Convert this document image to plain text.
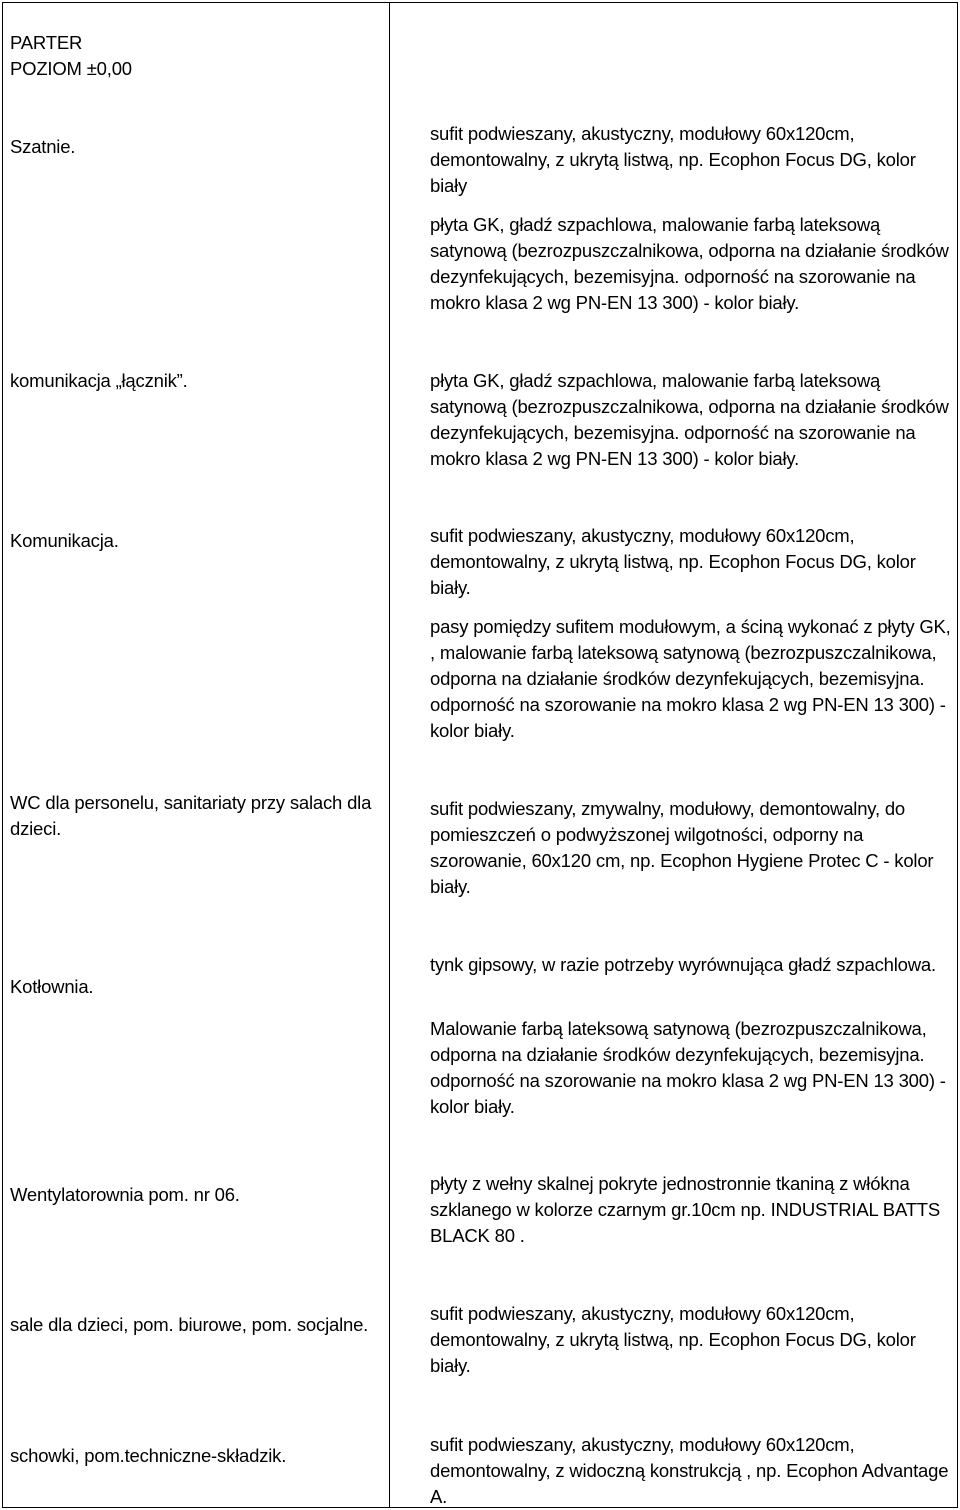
PARTER

POZIOM ±0,00

Szatnie.

sufit podwieszany, akustyczny, modułowy 60x120cm, demontowalny, z ukrytą listwą, np. Ecophon Focus DG, kolor biały

płyta GK, gładź szpachlowa, malowanie farbą lateksową satynową (bezrozpuszczalnikowa, odporna na działanie środków dezynfekujących, bezemisyjna. odporność na szorowanie na mokro klasa 2 wg PN-EN 13 300) - kolor biały.

komunikacja „łącznik”.	płyta GK, gładź szpachlowa, malowanie farbą lateksową satynową (bezrozpuszczalnikowa, odporna na działanie środków dezynfekujących, bezemisyjna. odporność na szorowanie na mokro klasa 2 wg PN-EN 13 300) - kolor biały.

Komunikacja.	sufit podwieszany, akustyczny, modułowy 60x120cm, demontowalny, z ukrytą listwą, np. Ecophon Focus DG, kolor biały.

pasy pomiędzy sufitem modułowym, a ściną wykonać z płyty GK, , malowanie farbą lateksową satynową (bezrozpuszczalnikowa, odporna na działanie środków dezynfekujących, bezemisyjna. odporność na szorowanie na mokro klasa 2 wg PN-EN 13 300) - kolor biały.

WC dla personelu, sanitariaty przy salach dla dzieci.

sufit podwieszany, zmywalny, modułowy, demontowalny, do pomieszczeń o podwyższonej wilgotności, odporny na szorowanie, 60x120 cm, np. Ecophon Hygiene Protec C - kolor biały.

Kotłownia.

tynk gipsowy, w razie potrzeby wyrównująca gładź szpachlowa.

Malowanie farbą lateksową satynową (bezrozpuszczalnikowa, odporna na działanie środków dezynfekujących, bezemisyjna. odporność na szorowanie na mokro klasa 2 wg PN-EN 13 300) - kolor biały.

Wentylatorownia pom. nr 06.

płyty z wełny skalnej pokryte jednostronnie tkaniną z włókna szklanego w kolorze czarnym gr.10cm np. INDUSTRIAL BATTS BLACK 80 .

sale dla dzieci, pom. biurowe, pom. socjalne.

sufit podwieszany, akustyczny, modułowy 60x120cm, demontowalny, z ukrytą listwą, np. Ecophon Focus DG, kolor biały.

schowki, pom.techniczne-składzik.

sufit podwieszany, akustyczny, modułowy 60x120cm, demontowalny, z widoczną konstrukcją , np. Ecophon Advantage A.
